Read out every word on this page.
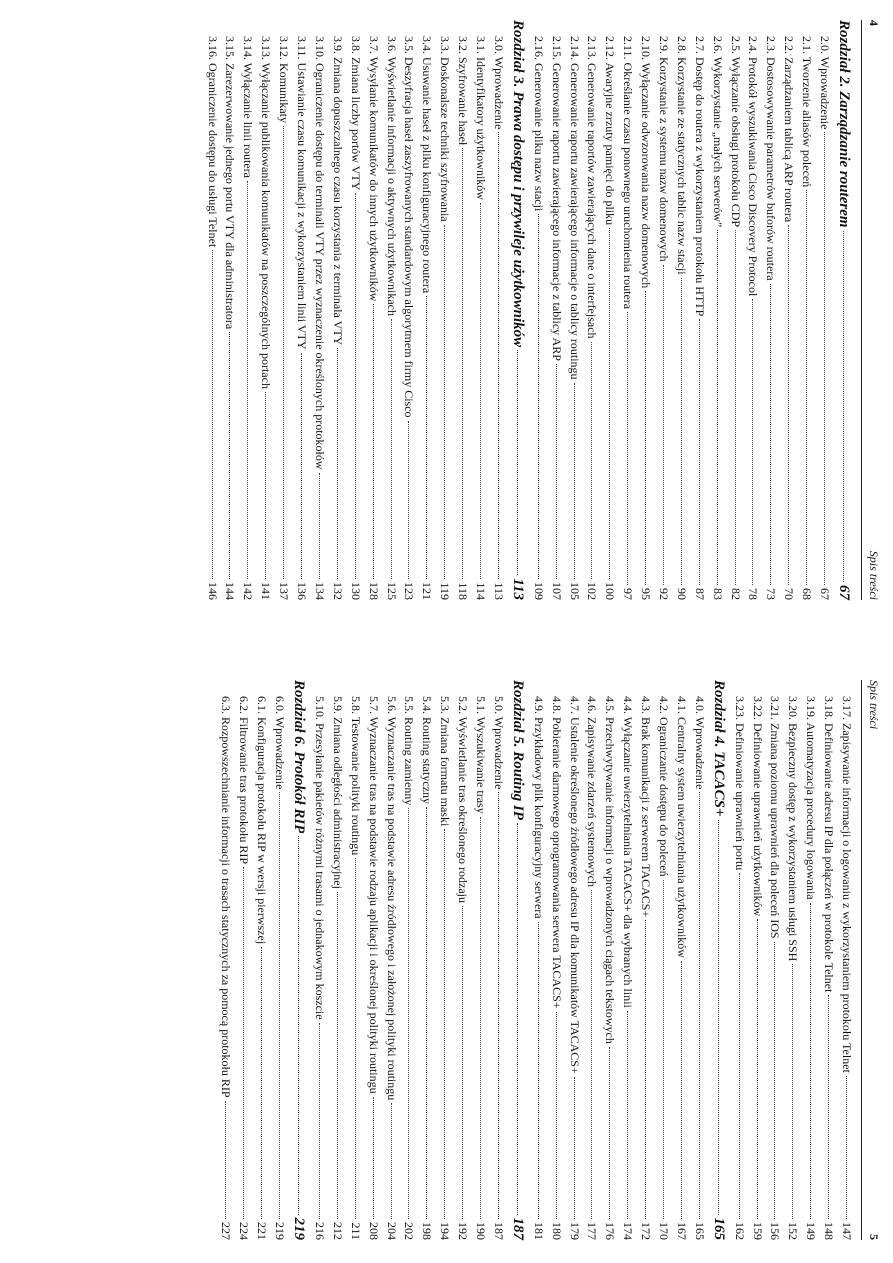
4
Spis treści
Rozdział 2. Zarządzanie routerem
67
2.0. Wprowadzenie
67
2.1. Tworzenie aliasów poleceń
68
2.2. Zarządzaniem tablicą ARP routera
70
2.3. Dostosowywanie parametrów buforów routera
73
2.4. Protokół wyszukiwania Cisco Discovery Protocol
78
2.5. Wyłączanie obsługi protokołu CDP
82
2.6. Wykorzystanie „małych serwerów”
83
2.7. Dostęp do routera z wykorzystaniem protokołu HTTP
87
2.8. Korzystanie ze statycznych tablic nazw stacji
90
2.9. Korzystanie z systemu nazw domenowych
92
2.10. Wyłączanie odwzorowania nazw domenowych
95
2.11. Określanie czasu ponownego uruchomienia routera
97
2.12. Awaryjne zrzuty pamięci do pliku
100
2.13. Generowanie raportów zawierających dane o interfejsach
102
2.14. Generowanie raportu zawierającego informacje o tablicy routingu
105
2.15. Generowanie raportu zawierającego informacje z tablicy ARP
107
2.16. Generowanie pliku nazw stacji
109
Rozdział 3. Prawa dostępu i przywileje użytkowników
113
3.0. Wprowadzenie
113
3.1. Identyfikatory użytkowników
114
3.2. Szyfrowanie haseł
118
3.3. Doskonalsze techniki szyfrowania
119
3.4. Usuwanie haseł z pliku konfiguracyjnego routera
121
3.5. Deszyfracja haseł zaszyfrowanych standardowym algorytmem firmy Cisco
123
3.6. Wyświetlanie informacji o aktywnych użytkownikach
125
3.7. Wysyłanie komunikatów do innych użytkowników
128
3.8. Zmiana liczby portów VTY
130
3.9. Zmiana dopuszczalnego czasu korzystania z terminala VTY
132
3.10. Ograniczenie dostępu do terminali VTY przez wyznaczenie określonych protokołów
134
3.11. Ustawianie czasu komunikacji z wykorzystaniem linii VTY
136
3.12. Komunikaty
137
3.13. Wyłączanie publikowania komunikatów na poszczególnych portach
141
3.14. Wyłączanie linii routera
142
3.15. Zarezerwowanie jednego portu VTY dla administratora
144
3.16. Ograniczenie dostępu do usługi Telnet
146
Spis treści
5
3.17. Zapisywanie informacji o logowaniu z wykorzystaniem protokołu Telnet
147
3.18. Definiowanie adresu IP dla połączeń w protokole Telnet
148
3.19. Automatyzacja procedury logowania
149
3.20. Bezpieczny dostęp z wykorzystaniem usługi SSH
152
3.21. Zmiana poziomu uprawnień dla poleceń IOS
156
3.22. Definiowanie uprawnień użytkowników
159
3.23. Definiowanie uprawnień portu
162
Rozdział 4. TACACS+
165
4.0. Wprowadzenie
165
4.1. Centralny system uwierzytelniania użytkowników
167
4.2. Ograniczanie dostępu do poleceń
170
4.3. Brak komunikacji z serwerem TACACS+
172
4.4. Wyłączanie uwierzytelniania TACACS+ dla wybranych linii
174
4.5. Przechwytywanie informacji o wprowadzonych ciągach tekstowych
176
4.6. Zapisywanie zdarzeń systemowych
177
4.7. Ustalenie określonego źródłowego adresu IP dla komunikatów TACACS+
179
4.8. Pobieranie darmowego oprogramowania serwera TACACS+
180
4.9. Przykładowy plik konfiguracyjny serwera
181
Rozdział 5. Routing IP
187
5.0. Wprowadzenie
187
5.1. Wyszukiwanie trasy
190
5.2. Wyświetlanie tras określonego rodzaju
192
5.3. Zmiana formatu maski
194
5.4. Routing statyczny
198
5.5. Routing zamienny
202
5.6. Wyznaczanie tras na podstawie adresu źródłowego i założonej polityki routingu
204
5.7. Wyznaczanie tras na podstawie rodzaju aplikacji i określonej polityki routingu
208
5.8. Testowanie polityki routingu
211
5.9. Zmiana odległości administracyjnej
212
5.10. Przesyłanie pakietów różnymi trasami o jednakowym koszcie
216
Rozdział 6. Protokół RIP
219
6.0. Wprowadzenie
219
6.1. Konfiguracja protokołu RIP w wersji pierwszej
221
6.2. Filtrowanie tras protokołu RIP
224
6.3. Rozpowszechnianie informacji o trasach statycznych za pomocą protokołu RIP
227
